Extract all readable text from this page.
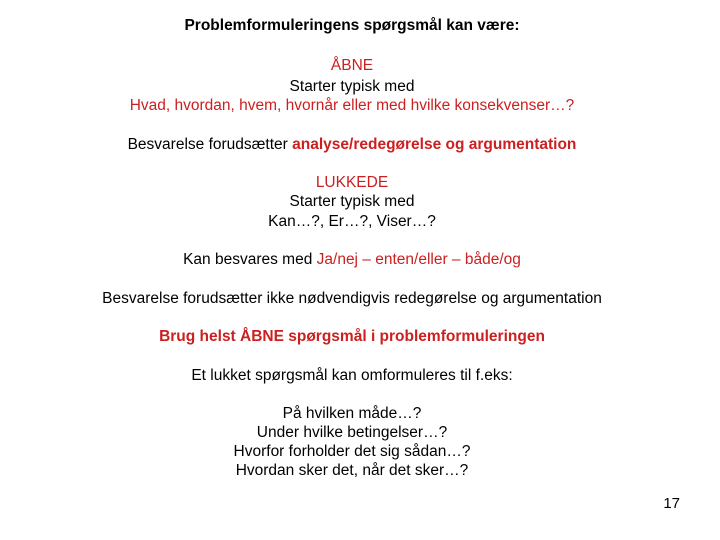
Problemformuleringens spørgsmål kan være:
ÅBNE
Starter typisk med
Hvad, hvordan, hvem, hvornår eller med hvilke konsekvenser…?
Besvarelse forudsætter analyse/redegørelse og argumentation
LUKKEDE
Starter typisk med
Kan…?, Er…?, Viser…?
Kan besvares med Ja/nej – enten/eller – både/og
Besvarelse forudsætter ikke nødvendigvis redegørelse og argumentation
Brug helst ÅBNE spørgsmål i problemformuleringen
Et lukket spørgsmål kan omformuleres til f.eks:
På hvilken måde…?
Under hvilke betingelser…?
Hvorfor forholder det sig sådan…?
Hvordan sker det, når det sker…?
17
